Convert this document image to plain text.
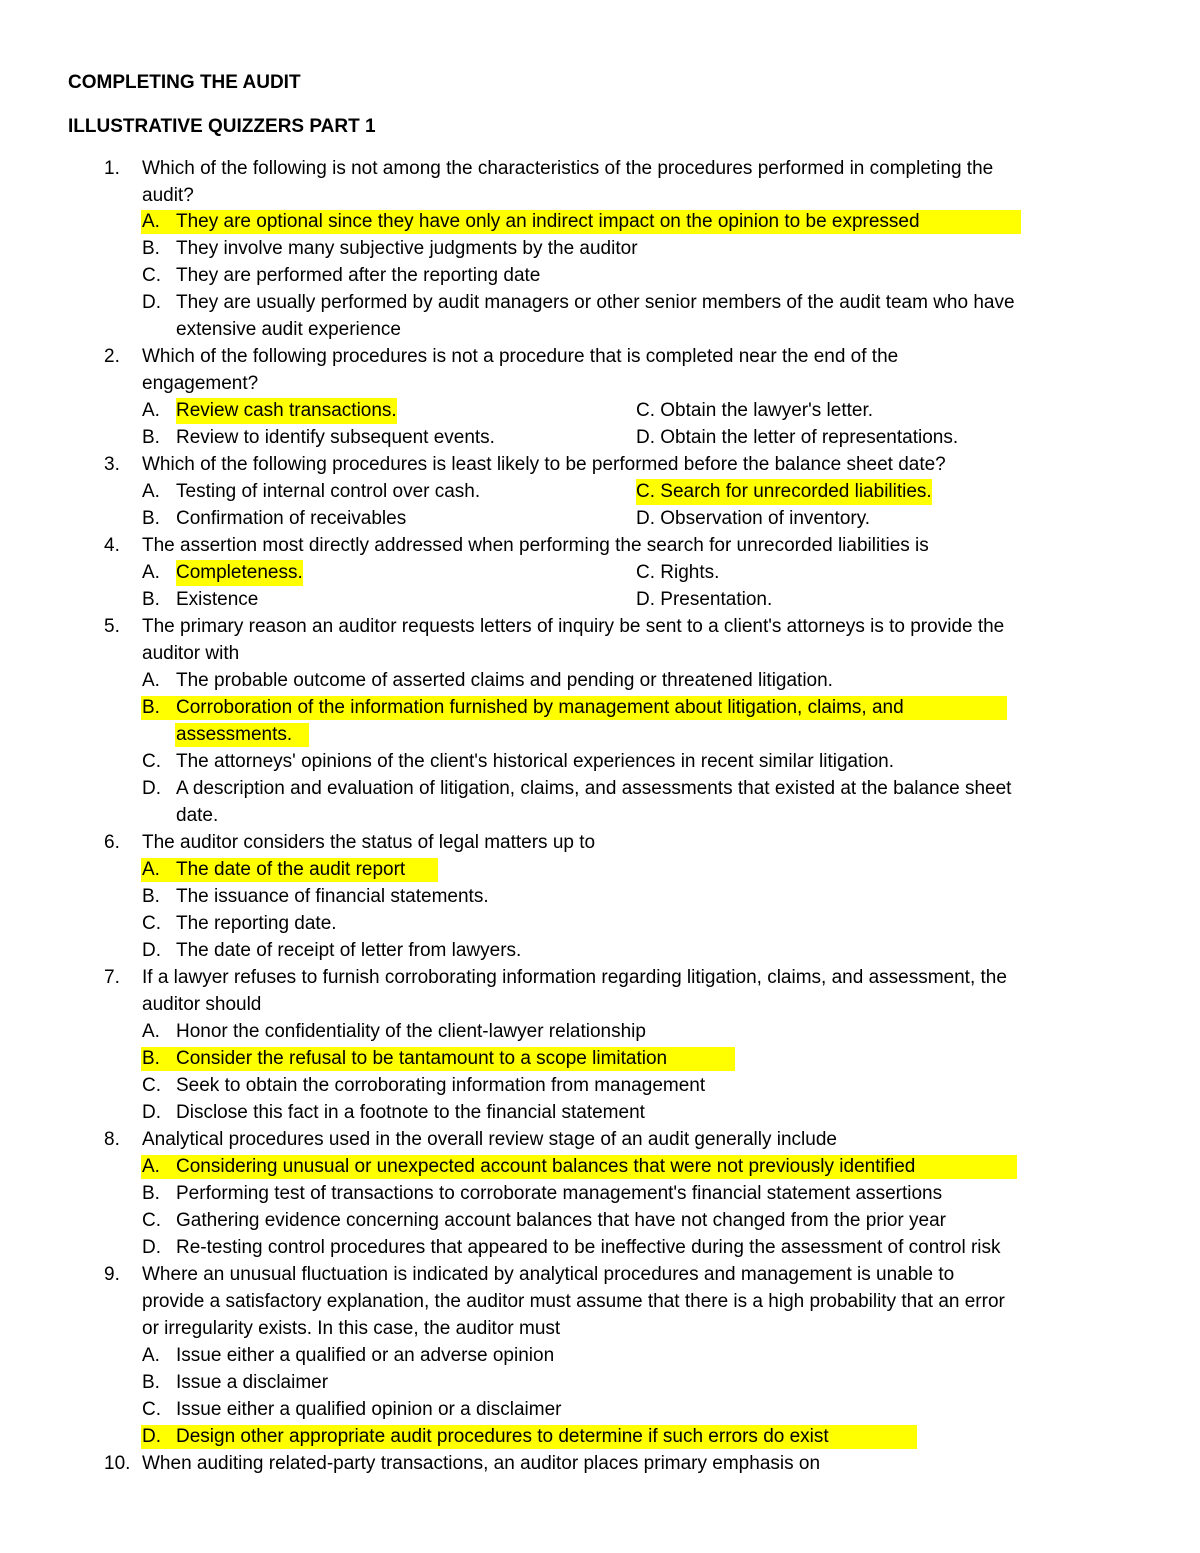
COMPLETING THE AUDIT
ILLUSTRATIVE QUIZZERS PART 1
1. Which of the following is not among the characteristics of the procedures performed in completing the
audit?
A. They are optional since they have only an indirect impact on the opinion to be expressed
B. They involve many subjective judgments by the auditor
C. They are performed after the reporting date
D. They are usually performed by audit managers or other senior members of the audit team who have
extensive audit experience
2. Which of the following procedures is not a procedure that is completed near the end of the
engagement?
A. Review cash transactions.	C. Obtain the lawyer's letter.
B. Review to identify subsequent events.	D. Obtain the letter of representations.
3. Which of the following procedures is least likely to be performed before the balance sheet date?
A. Testing of internal control over cash.	C. Search for unrecorded liabilities.
B. Confirmation of receivables	D. Observation of inventory.
4. The assertion most directly addressed when performing the search for unrecorded liabilities is
A. Completeness.	C. Rights.
B. Existence	D. Presentation.
5. The primary reason an auditor requests letters of inquiry be sent to a client's attorneys is to provide the
auditor with
A. The probable outcome of asserted claims and pending or threatened litigation.
B. Corroboration of the information furnished by management about litigation, claims, and
assessments.
C. The attorneys' opinions of the client's historical experiences in recent similar litigation.
D. A description and evaluation of litigation, claims, and assessments that existed at the balance sheet
date.
6. The auditor considers the status of legal matters up to
A. The date of the audit report
B. The issuance of financial statements.
C. The reporting date.
D. The date of receipt of letter from lawyers.
7. If a lawyer refuses to furnish corroborating information regarding litigation, claims, and assessment, the
auditor should
A. Honor the confidentiality of the client-lawyer relationship
B. Consider the refusal to be tantamount to a scope limitation
C. Seek to obtain the corroborating information from management
D. Disclose this fact in a footnote to the financial statement
8. Analytical procedures used in the overall review stage of an audit generally include
A. Considering unusual or unexpected account balances that were not previously identified
B. Performing test of transactions to corroborate management's financial statement assertions
C. Gathering evidence concerning account balances that have not changed from the prior year
D. Re-testing control procedures that appeared to be ineffective during the assessment of control risk
9. Where an unusual fluctuation is indicated by analytical procedures and management is unable to
provide a satisfactory explanation, the auditor must assume that there is a high probability that an error
or irregularity exists. In this case, the auditor must
A. Issue either a qualified or an adverse opinion
B. Issue a disclaimer
C. Issue either a qualified opinion or a disclaimer
D. Design other appropriate audit procedures to determine if such errors do exist
10. When auditing related-party transactions, an auditor places primary emphasis on
